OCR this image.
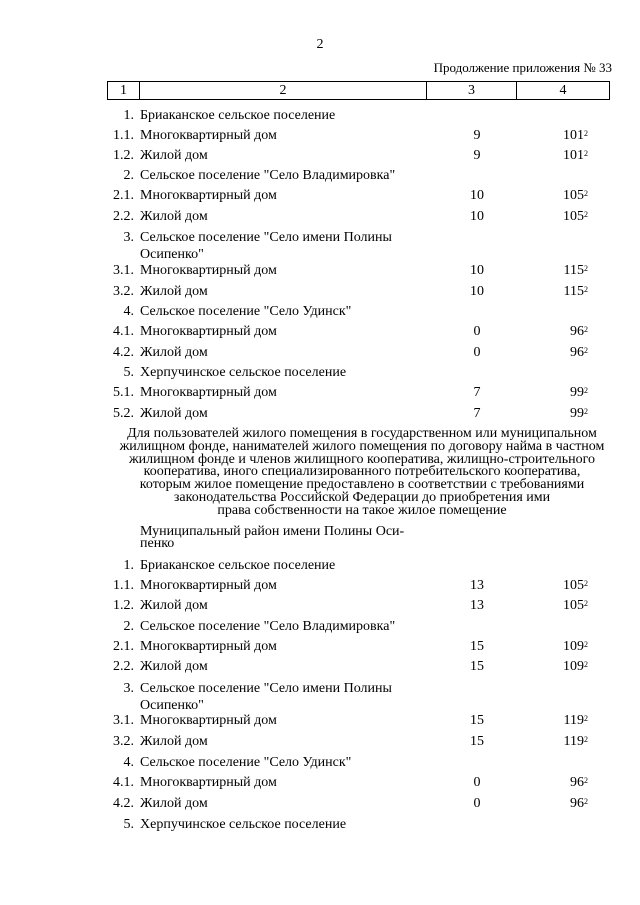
2
Продолжение приложения № 33
1	2	3	4
1. Бриаканское сельское поселение
1.1. Многоквартирный дом	9	$101^2$
1.2. Жилой дом	9	$101^2$
2. Сельское поселение "Село Владимировка"
2.1. Многоквартирный дом	10	$105^2$
2.2. Жилой дом	10	$105^2$
3. Сельское поселение "Село имени Полины
Осипенко"
3.1. Многоквартирный дом	10	$115^2$
3.2. Жилой дом	10	$115^2$
4. Сельское поселение "Село Удинск"
4.1. Многоквартирный дом	0	$96^2$
4.2. Жилой дом	0	$96^2$
5. Херпучинское сельское поселение
5.1. Многоквартирный дом	7	$99^2$
5.2. Жилой дом	7	$99^2$
Для пользователей жилого помещения в государственном или муниципальном
жилищном фонде, нанимателей жилого помещения по договору найма в частном
жилищном фонде и членов жилищного кооператива, жилищно-строительного
кооператива, иного специализированного потребительского кооператива,
которым жилое помещение предоставлено в соответствии с требованиями
законодательства Российской Федерации до приобретения ими
права собственности на такое жилое помещение
Муниципальный район имени Полины Оси-
пенко
1. Бриаканское сельское поселение
1.1. Многоквартирный дом	13	$105^2$
1.2. Жилой дом	13	$105^2$
2. Сельское поселение "Село Владимировка"
2.1. Многоквартирный дом	15	$109^2$
2.2. Жилой дом	15	$109^2$
3. Сельское поселение "Село имени Полины
Осипенко"
3.1. Многоквартирный дом	15	$119^2$
3.2. Жилой дом	15	$119^2$
4. Сельское поселение "Село Удинск"
4.1. Многоквартирный дом	0	$96^2$
4.2. Жилой дом	0	$96^2$
5. Херпучинское сельское поселение
